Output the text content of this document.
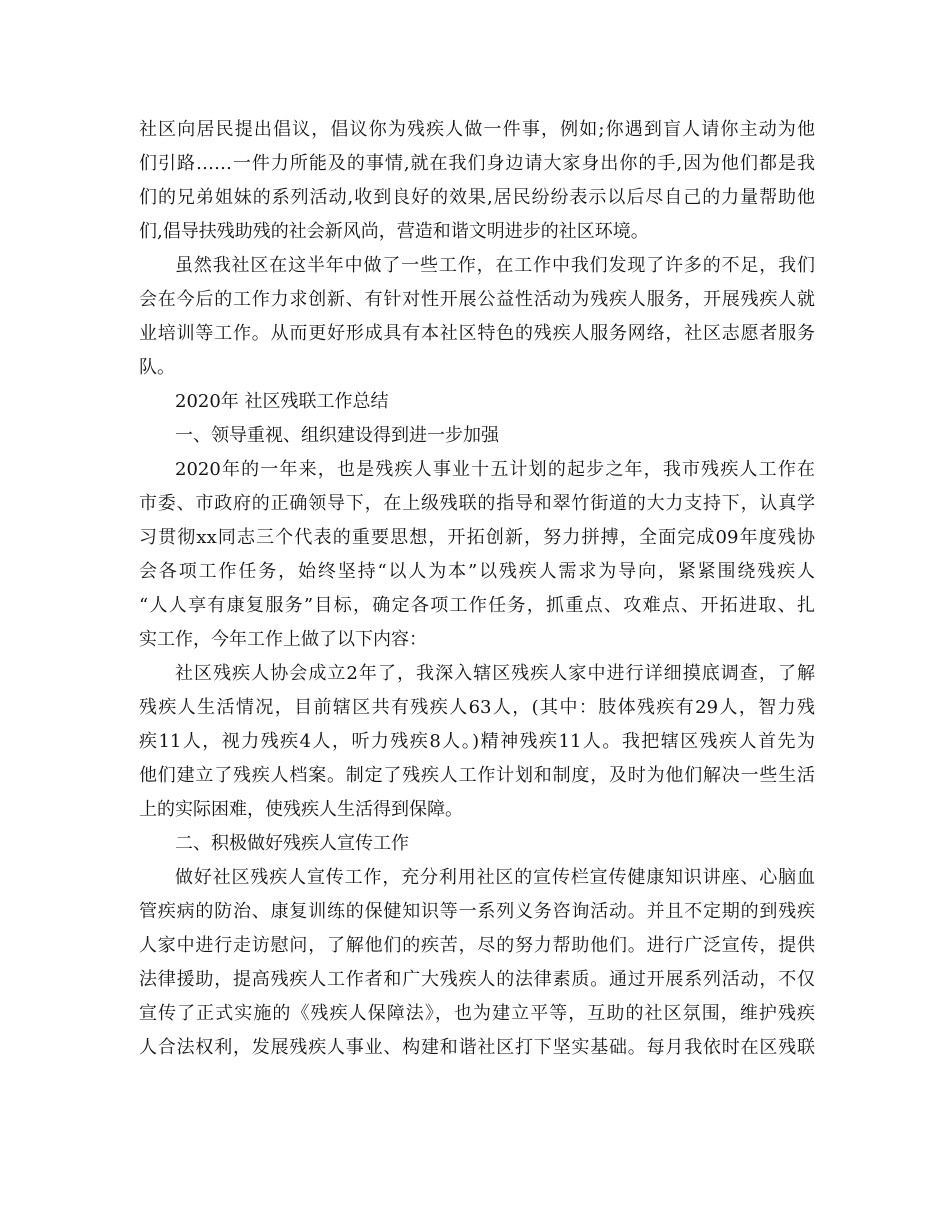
社区向居民提出倡议，倡议你为残疾人做一件事，例如;你遇到盲人请你主动为他
们引路……一件力所能及的事情,就在我们身边请大家身出你的手,因为他们都是我
们的兄弟姐妹的系列活动,收到良好的效果,居民纷纷表示以后尽自己的力量帮助他
们,倡导扶残助残的社会新风尚，营造和谐文明进步的社区环境。
虽然我社区在这半年中做了一些工作，在工作中我们发现了许多的不足，我们
会在今后的工作力求创新、有针对性开展公益性活动为残疾人服务，开展残疾人就
业培训等工作。从而更好形成具有本社区特色的残疾人服务网络，社区志愿者服务
队。
2020年 社区残联工作总结
一、领导重视、组织建设得到进一步加强
2020年的一年来，也是残疾人事业十五计划的起步之年，我市残疾人工作在
市委、市政府的正确领导下，在上级残联的指导和翠竹街道的大力支持下，认真学
习贯彻xx同志三个代表的重要思想，开拓创新，努力拼搏，全面完成09年度残协
会各项工作任务，始终坚持“以人为本”以残疾人需求为导向，紧紧围绕残疾人
“人人享有康复服务”目标，确定各项工作任务，抓重点、攻难点、开拓进取、扎
实工作，今年工作上做了以下内容：
社区残疾人协会成立2年了，我深入辖区残疾人家中进行详细摸底调查，了解
残疾人生活情况，目前辖区共有残疾人63人，(其中：肢体残疾有29人，智力残
疾11人，视力残疾4人，听力残疾8人。)精神残疾11人。我把辖区残疾人首先为
他们建立了残疾人档案。制定了残疾人工作计划和制度，及时为他们解决一些生活
上的实际困难，使残疾人生活得到保障。
二、积极做好残疾人宣传工作
做好社区残疾人宣传工作，充分利用社区的宣传栏宣传健康知识讲座、心脑血
管疾病的防治、康复训练的保健知识等一系列义务咨询活动。并且不定期的到残疾
人家中进行走访慰问，了解他们的疾苦，尽的努力帮助他们。进行广泛宣传，提供
法律援助，提高残疾人工作者和广大残疾人的法律素质。通过开展系列活动，不仅
宣传了正式实施的《残疾人保障法》，也为建立平等，互助的社区氛围，维护残疾
人合法权利，发展残疾人事业、构建和谐社区打下坚实基础。每月我依时在区残联
